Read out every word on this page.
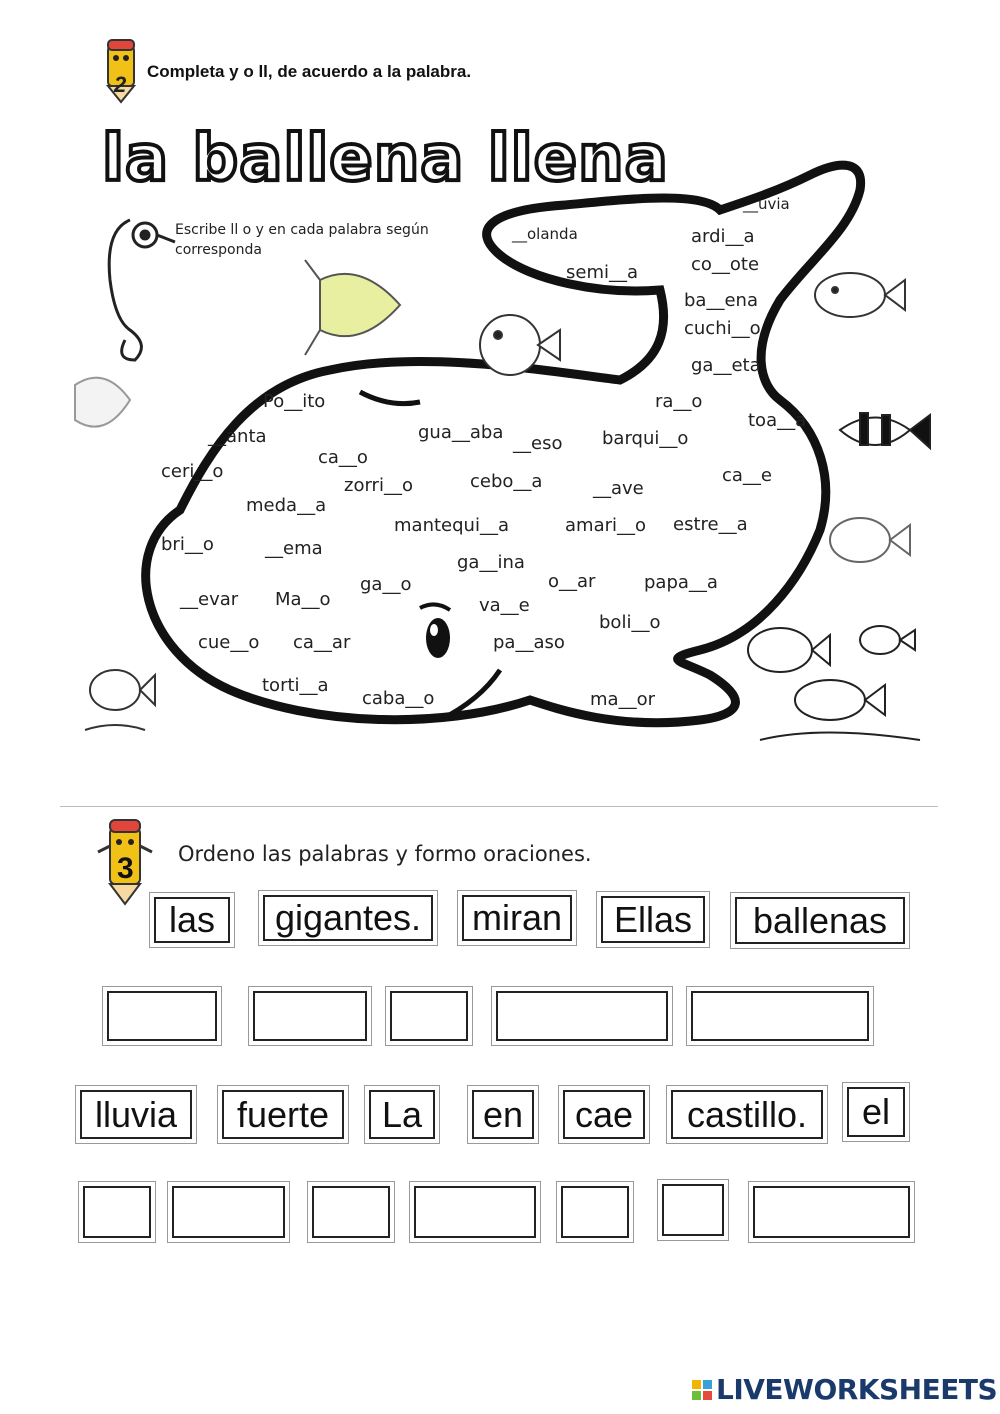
2
Completa y o ll, de acuerdo a la palabra.
la ballena llena
Escribe ll o y en cada palabra según corresponda
__uvia
__olanda	ardi__a
co__ote
semi__a
ba__ena
cuchi__o
ga__eta
Po__ito	ra__o
toa__a
__anta	gua__aba
__eso barqui__o
ceri__o
ca__o
ca__e
zorri__o	cebo__a	__ave
meda__a
mantequi__a	amari__o estre__a
bri__o	__ema
ga__ina
o__ar	papa__a
__evar Ma__o
ga__o
va__e
boli__o
cue__o ca__ar	pa__aso
torti__a
caba__o	ma__or
3 Ordeno las palabras y formo oraciones.
las	gigantes.	miran	Ellas	ballenas
lluvia	fuerte	La	en	cae	castillo.	el
LIVEWORKSHEETS
